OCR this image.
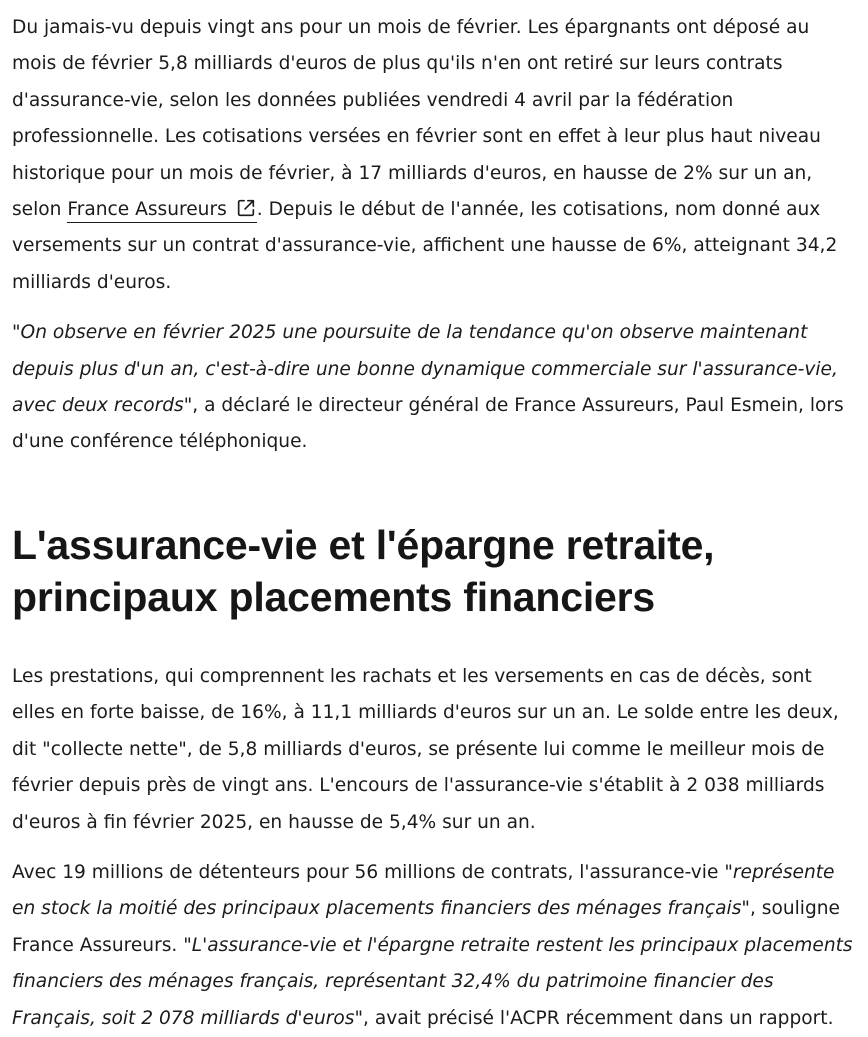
Du jamais-vu depuis vingt ans pour un mois de février. Les épargnants ont déposé au mois de février 5,8 milliards d'euros de plus qu'ils n'en ont retiré sur leurs contrats d'assurance-vie, selon les données publiées vendredi 4 avril par la fédération professionnelle. Les cotisations versées en février sont en effet à leur plus haut niveau historique pour un mois de février, à 17 milliards d'euros, en hausse de 2% sur un an, selon France Assureurs . Depuis le début de l'année, les cotisations, nom donné aux versements sur un contrat d'assurance-vie, affichent une hausse de 6%, atteignant 34,2 milliards d'euros.

"On observe en février 2025 une poursuite de la tendance qu'on observe maintenant depuis plus d'un an, c'est-à-dire une bonne dynamique commerciale sur l'assurance-vie, avec deux records", a déclaré le directeur général de France Assureurs, Paul Esmein, lors d'une conférence téléphonique.

L'assurance-vie et l'épargne retraite, principaux placements financiers

Les prestations, qui comprennent les rachats et les versements en cas de décès, sont elles en forte baisse, de 16%, à 11,1 milliards d'euros sur un an. Le solde entre les deux, dit "collecte nette", de 5,8 milliards d'euros, se présente lui comme le meilleur mois de février depuis près de vingt ans. L'encours de l'assurance-vie s'établit à 2 038 milliards d'euros à fin février 2025, en hausse de 5,4% sur un an.

Avec 19 millions de détenteurs pour 56 millions de contrats, l'assurance-vie "représente en stock la moitié des principaux placements financiers des ménages français", souligne France Assureurs. "L'assurance-vie et l'épargne retraite restent les principaux placements financiers des ménages français, représentant 32,4% du patrimoine financier des Français, soit 2 078 milliards d'euros", avait précisé l'ACPR récemment dans un rapport.
